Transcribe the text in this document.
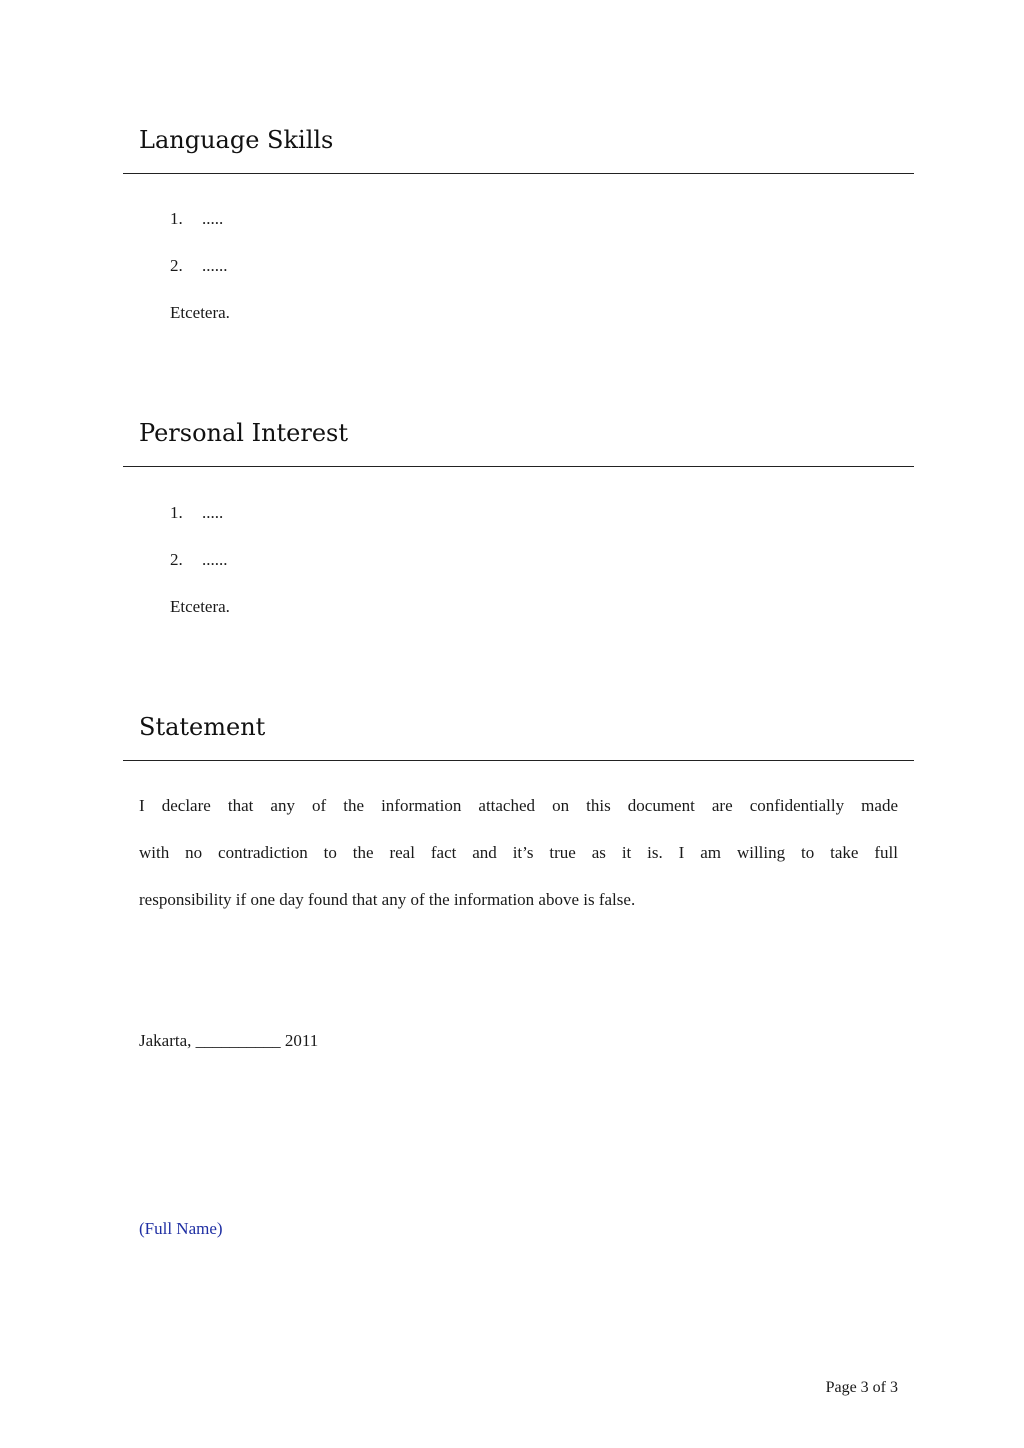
Language Skills
1. .....
2. ......
Etcetera.
Personal Interest
1. .....
2. ......
Etcetera.
Statement
I declare that any of the information attached on this document are confidentially made
with no contradiction to the real fact and it’s true as it is. I am willing to take full
responsibility if one day found that any of the information above is false.
Jakarta, __________ 2011
(Full Name)
Page 3 of 3
